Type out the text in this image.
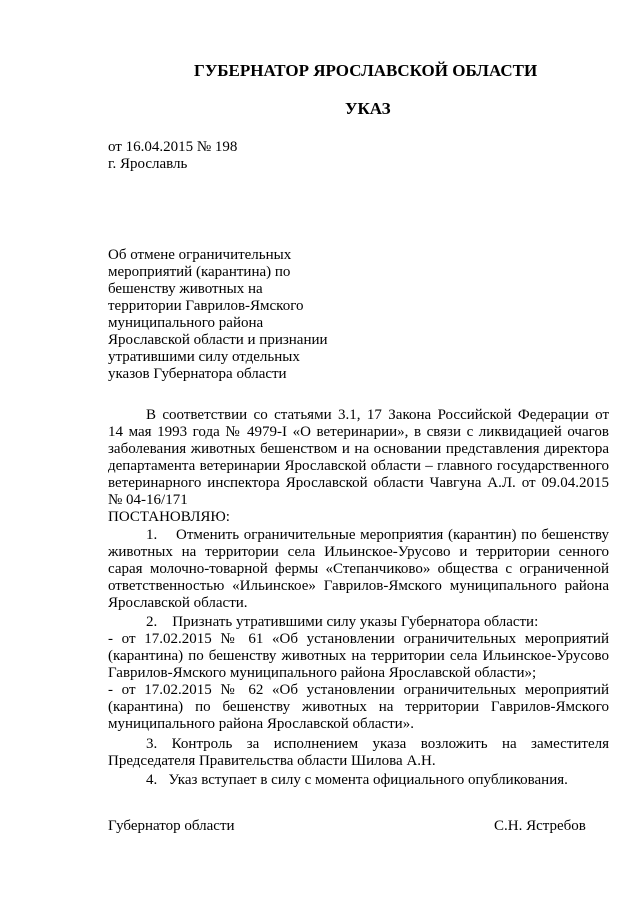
ГУБЕРНАТОР ЯРОСЛАВСКОЙ ОБЛАСТИ
УКАЗ
от 16.04.2015 № 198
г. Ярославль
Об отмене ограничительных
мероприятий (карантина) по
бешенству животных на
территории Гаврилов-Ямского
муниципального района
Ярославской области и признании
утратившими силу отдельных
указов Губернатора области
В соответствии со статьями 3.1, 17 Закона Российской Федерации от
14 мая 1993 года № 4979-I «О ветеринарии», в связи с ликвидацией очагов
заболевания животных бешенством и на основании представления директора
департамента ветеринарии Ярославской области – главного государственного
ветеринарного инспектора Ярославской области Чавгуна А.Л. от 09.04.2015
№ 04-16/171
ПОСТАНОВЛЯЮ:
1.    Отменить ограничительные мероприятия (карантин) по бешенству
животных на территории села Ильинское-Урусово и территории сенного
сарая молочно-товарной фермы «Степанчиково» общества с ограниченной
ответственностью «Ильинское» Гаврилов-Ямского муниципального района
Ярославской области.
2.    Признать утратившими силу указы Губернатора области:
- от 17.02.2015 № 61 «Об установлении ограничительных мероприятий
(карантина) по бешенству животных на территории села Ильинское-Урусово
Гаврилов-Ямского муниципального района Ярославской области»;
- от 17.02.2015 № 62 «Об установлении ограничительных мероприятий
(карантина) по бешенству животных на территории Гаврилов-Ямского
муниципального района Ярославской области».
3. Контроль за исполнением указа возложить на заместителя
Председателя Правительства области Шилова А.Н.
4.   Указ вступает в силу с момента официального опубликования.
Губернатор области	С.Н. Ястребов
